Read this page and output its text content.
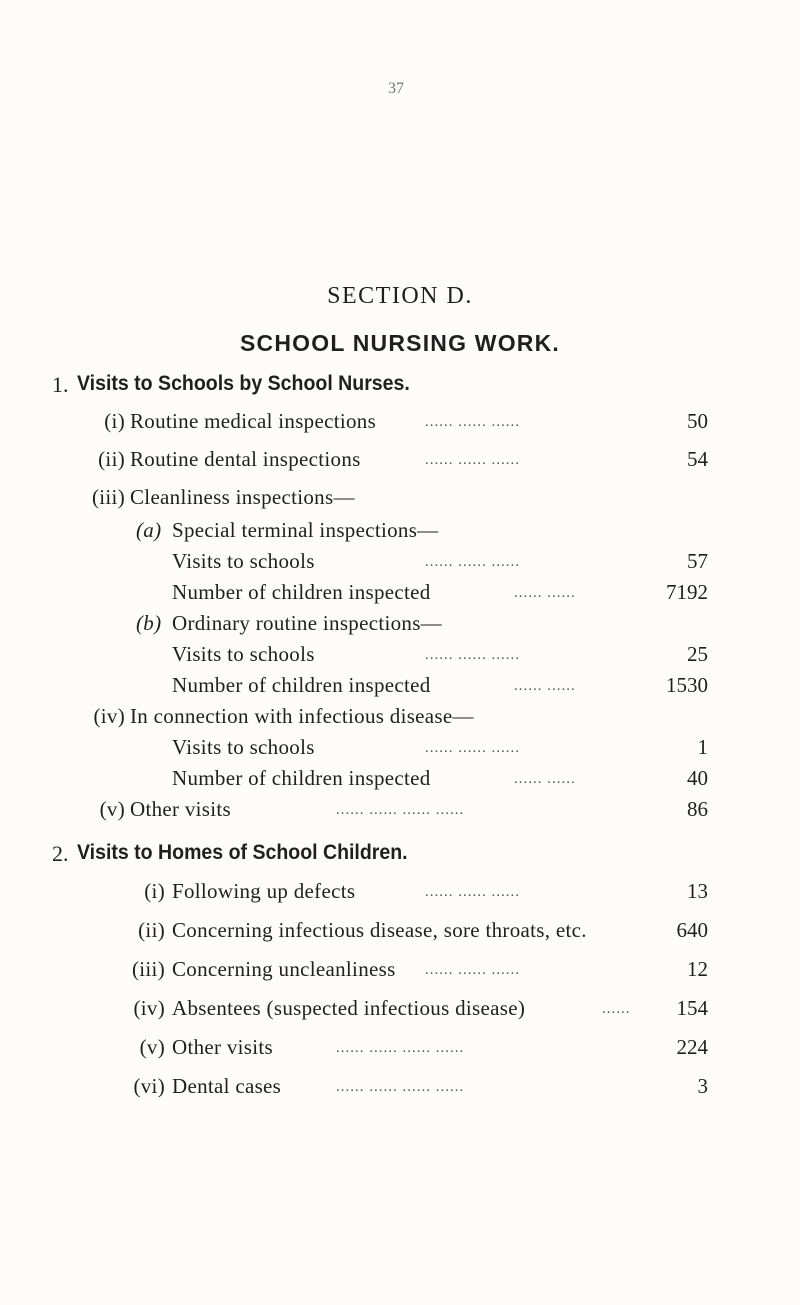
37
SECTION D.
SCHOOL NURSING WORK.
1. Visits to Schools by School Nurses.
(i) Routine medical inspections	...... ...... ......	50
(ii) Routine dental inspections	...... ...... ......	54
(iii) Cleanliness inspections—
(a) Special terminal inspections—
Visits to schools	...... ...... ......	57
Number of children inspected	...... ......	7192
(b) Ordinary routine inspections—
Visits to schools	...... ...... ......	25
Number of children inspected	...... ......	1530
(iv) In connection with infectious disease—
Visits to schools	...... ...... ......	1
Number of children inspected	...... ......	40
(v) Other visits	...... ...... ...... ......	86
2. Visits to Homes of School Children.
(i) Following up defects	...... ...... ......	13
(ii) Concerning infectious disease, sore throats, etc.	640
(iii) Concerning uncleanliness ...... ...... ......	12
(iv) Absentees (suspected infectious disease)	...... 154
(v) Other visits	...... ...... ...... ......	224
(vi) Dental cases	...... ...... ...... ......	3
